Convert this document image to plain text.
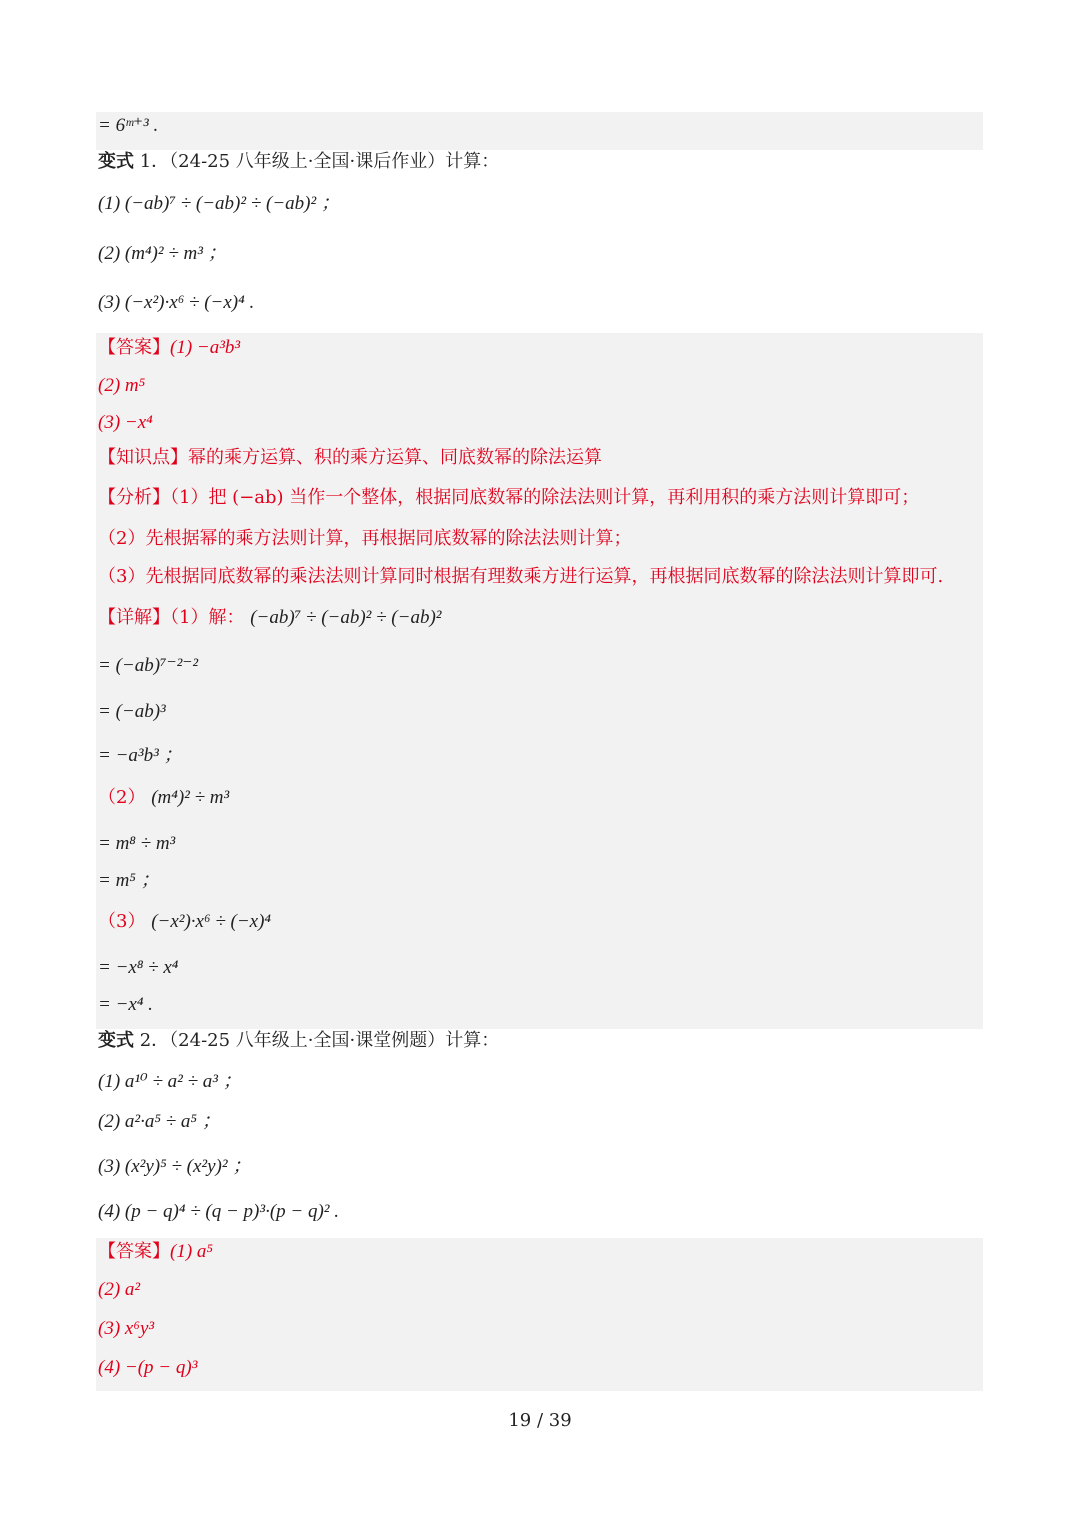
= 6ᵐ⁺³ .
变式 1．（24-25 八年级上·全国·课后作业）计算：
(1) (−ab)⁷ ÷ (−ab)² ÷ (−ab)² ；
(2) (m⁴)² ÷ m³ ；
(3) (−x²)·x⁶ ÷ (−x)⁴ .
【答案】(1) −a³b³
(2) m⁵
(3) −x⁴
【知识点】幂的乘方运算、积的乘方运算、同底数幂的除法运算
【分析】（1）把 (−ab) 当作一个整体，根据同底数幂的除法法则计算，再利用积的乘方法则计算即可；
（2）先根据幂的乘方法则计算，再根据同底数幂的除法法则计算；
（3）先根据同底数幂的乘法法则计算同时根据有理数乘方进行运算，再根据同底数幂的除法法则计算即可.
【详解】（1）解： (−ab)⁷ ÷ (−ab)² ÷ (−ab)²
= (−ab)⁷⁻²⁻²
= (−ab)³
= −a³b³ ；
（2） (m⁴)² ÷ m³
= m⁸ ÷ m³
= m⁵ ；
（3） (−x²)·x⁶ ÷ (−x)⁴
= −x⁸ ÷ x⁴
= −x⁴ .
变式 2．（24-25 八年级上·全国·课堂例题）计算：
(1) a¹⁰ ÷ a² ÷ a³ ；
(2) a²·a⁵ ÷ a⁵ ；
(3) (x²y)⁵ ÷ (x²y)² ；
(4) (p − q)⁴ ÷ (q − p)³·(p − q)² .
【答案】(1) a⁵
(2) a²
(3) x⁶y³
(4) −(p − q)³
19 / 39
